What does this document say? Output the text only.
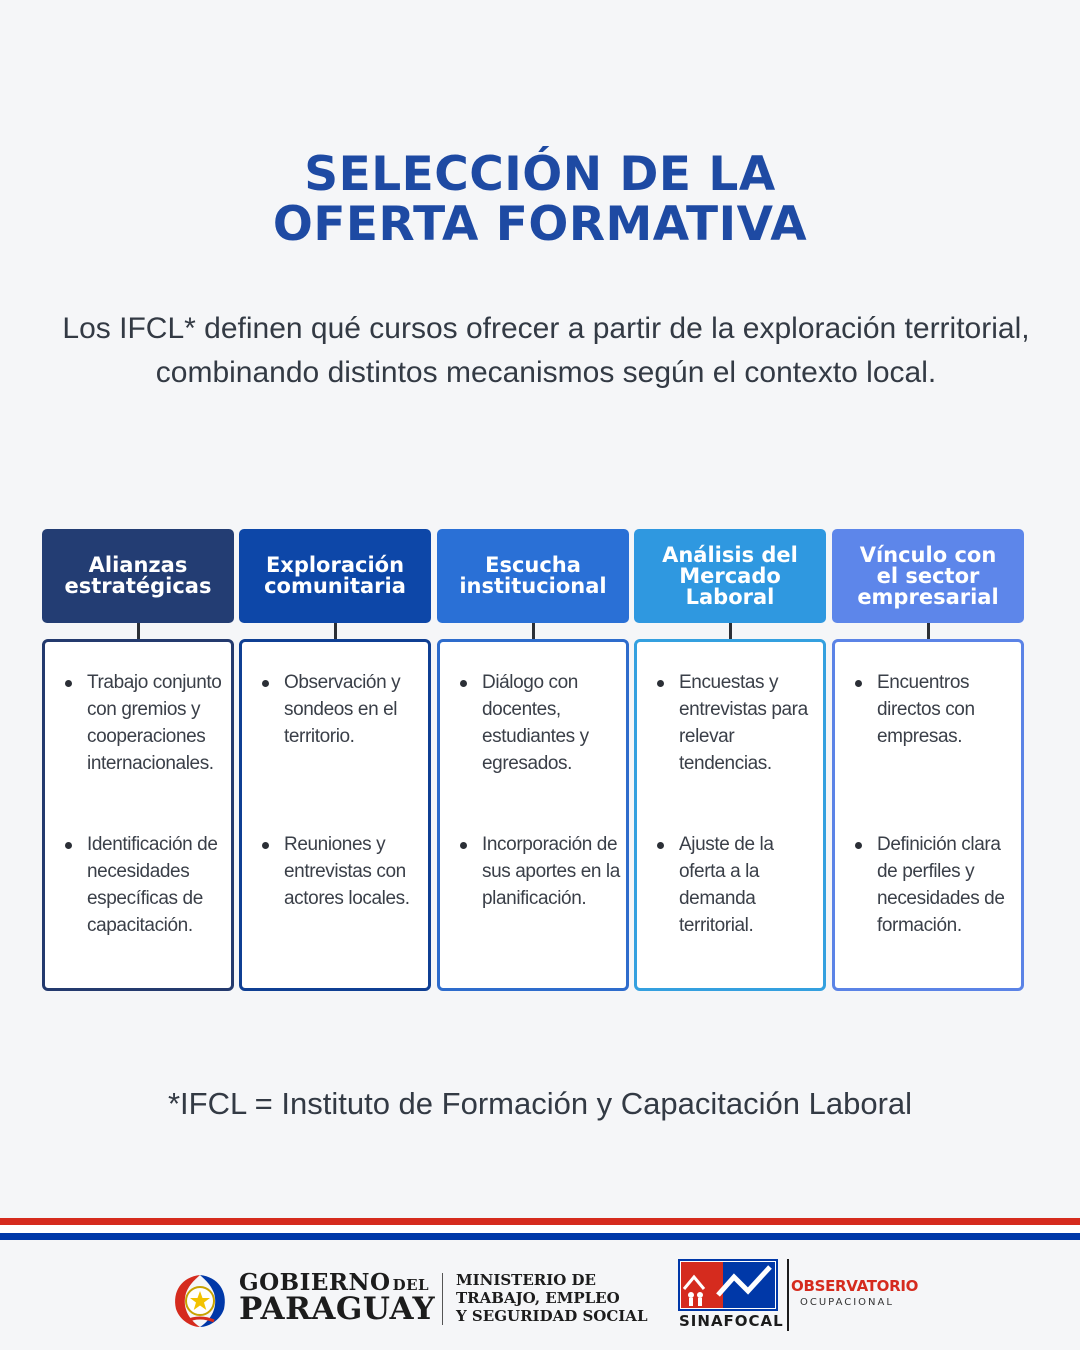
SELECCIÓN DE LA
OFERTA FORMATIVA
Los IFCL* definen qué cursos ofrecer a partir de la exploración territorial, combinando distintos mecanismos según el contexto local.
Alianzas
estratégicas
Trabajo conjunto con gremios y cooperaciones internacionales.
Identificación de necesidades específicas de capacitación.
Exploración
comunitaria
Observación y sondeos en el territorio.
Reuniones y entrevistas con actores locales.
Escucha
institucional
Diálogo con docentes, estudiantes y egresados.
Incorporación de sus aportes en la planificación.
Análisis del
Mercado
Laboral
Encuestas y entrevistas para relevar tendencias.
Ajuste de la oferta a la demanda territorial.
Vínculo con
el sector
empresarial
Encuentros directos con empresas.
Definición clara de perfiles y necesidades de formación.
*IFCL = Instituto de Formación y Capacitación Laboral
GOBIERNO DEL
PARAGUAY
MINISTERIO DE
TRABAJO, EMPLEO
Y SEGURIDAD SOCIAL SINAFOCAL
OBSERVATORIO
OCUPACIONAL
